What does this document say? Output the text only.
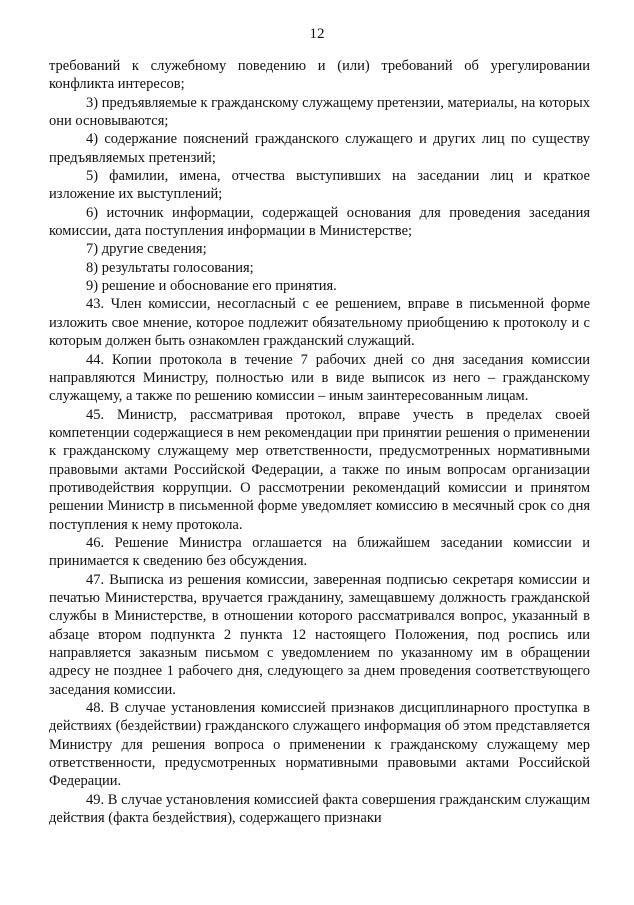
12

требований к служебному поведению и (или) требований об урегулировании конфликта интересов;

3) предъявляемые к гражданскому служащему претензии, материалы, на которых они основываются;

4) содержание пояснений гражданского служащего и других лиц по существу предъявляемых претензий;

5) фамилии, имена, отчества выступивших на заседании лиц и краткое изложение их выступлений;

6) источник информации, содержащей основания для проведения заседания комиссии, дата поступления информации в Министерстве;

7) другие сведения;

8) результаты голосования;

9) решение и обоснование его принятия.

43. Член комиссии, несогласный с ее решением, вправе в письменной форме изложить свое мнение, которое подлежит обязательному приобщению к протоколу и с которым должен быть ознакомлен гражданский служащий.

44. Копии протокола в течение 7 рабочих дней со дня заседания комиссии направляются Министру, полностью или в виде выписок из него – гражданскому служащему, а также по решению комиссии – иным заинтересованным лицам.

45. Министр, рассматривая протокол, вправе учесть в пределах своей компетенции содержащиеся в нем рекомендации при принятии решения о применении к гражданскому служащему мер ответственности, предусмотренных нормативными правовыми актами Российской Федерации, а также по иным вопросам организации противодействия коррупции. О рассмотрении рекомендаций комиссии и принятом решении Министр в письменной форме уведомляет комиссию в месячный срок со дня поступления к нему протокола.

46. Решение Министра оглашается на ближайшем заседании комиссии и принимается к сведению без обсуждения.

47. Выписка из решения комиссии, заверенная подписью секретаря комиссии и печатью Министерства, вручается гражданину, замещавшему должность гражданской службы в Министерстве, в отношении которого рассматривался вопрос, указанный в абзаце втором подпункта 2 пункта 12 настоящего Положения, под роспись или направляется заказным письмом с уведомлением по указанному им в обращении адресу не позднее 1 рабочего дня, следующего за днем проведения соответствующего заседания комиссии.

48. В случае установления комиссией признаков дисциплинарного проступка в действиях (бездействии) гражданского служащего информация об этом представляется Министру для решения вопроса о применении к гражданскому служащему мер ответственности, предусмотренных нормативными правовыми актами Российской Федерации.

49. В случае установления комиссией факта совершения гражданским служащим действия (факта бездействия), содержащего признаки
